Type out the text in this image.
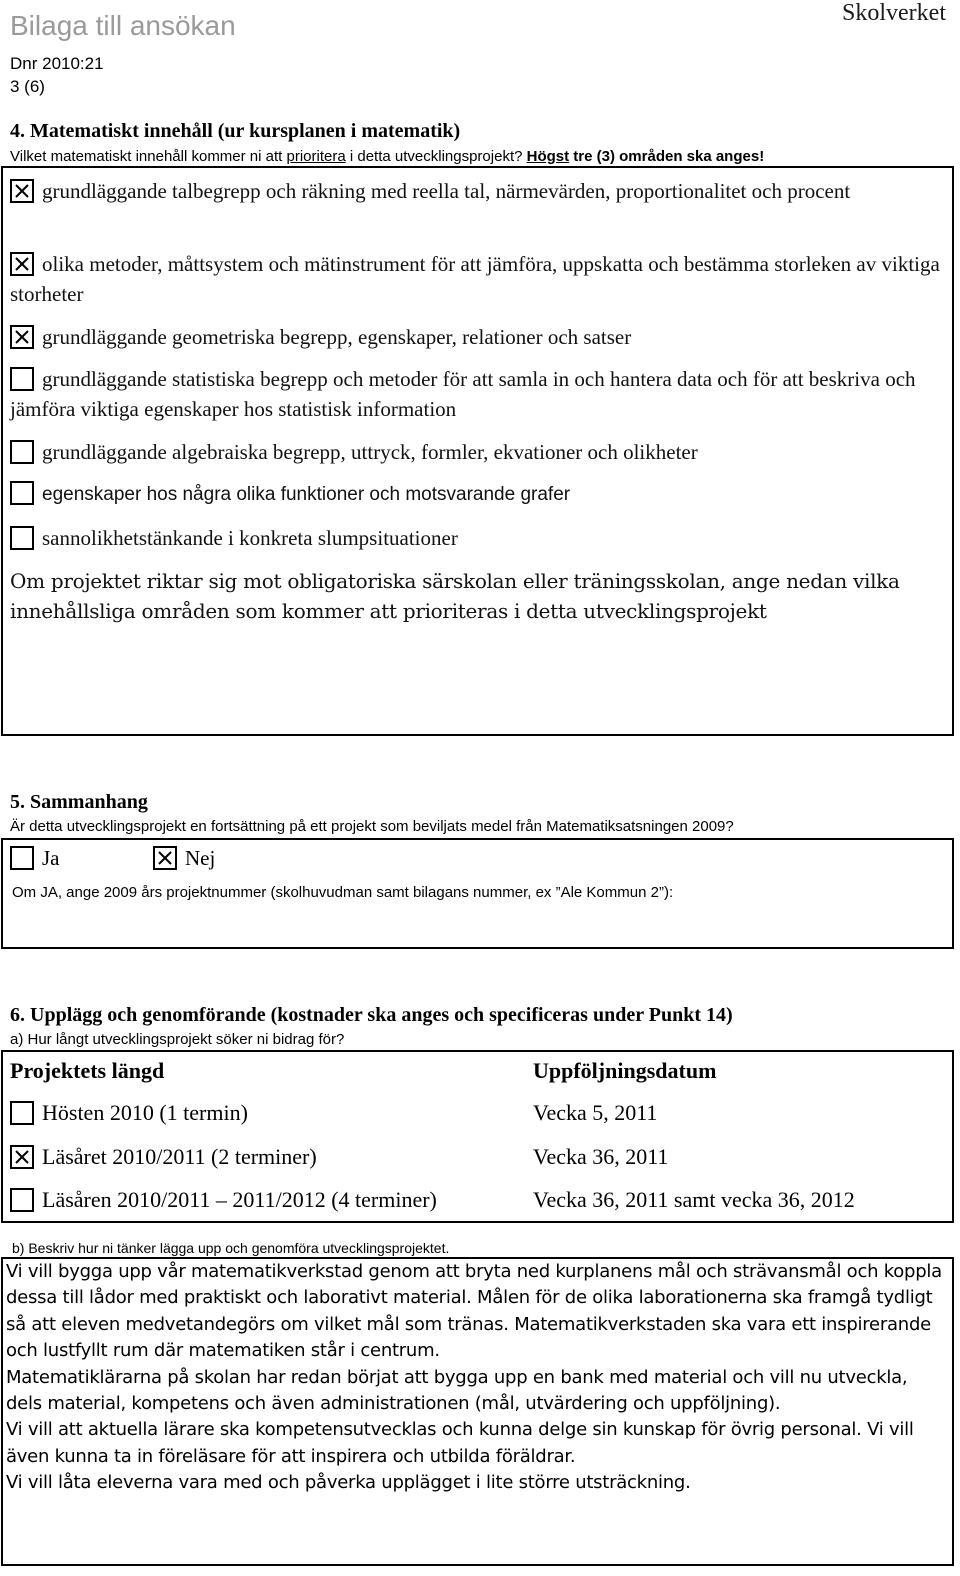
Bilaga till ansökan	Skolverket
Dnr 2010:21
3 (6)
4. Matematiskt innehåll (ur kursplanen i matematik)
Vilket matematiskt innehåll kommer ni att prioritera i detta utvecklingsprojekt? Högst tre (3) områden ska anges!
grundläggande talbegrepp och räkning med reella tal, närmevärden, proportionalitet och procent
olika metoder, måttsystem och mätinstrument för att jämföra, uppskatta och bestämma storleken av viktiga storheter
grundläggande geometriska begrepp, egenskaper, relationer och satser
grundläggande statistiska begrepp och metoder för att samla in och hantera data och för att beskriva och jämföra viktiga egenskaper hos statistisk information
grundläggande algebraiska begrepp, uttryck, formler, ekvationer och olikheter
egenskaper hos några olika funktioner och motsvarande grafer
sannolikhetstänkande i konkreta slumpsituationer
Om projektet riktar sig mot obligatoriska särskolan eller träningsskolan, ange nedan vilka innehållsliga områden som kommer att prioriteras i detta utvecklingsprojekt
5. Sammanhang
Är detta utvecklingsprojekt en fortsättning på ett projekt som beviljats medel från Matematiksatsningen 2009?
Ja	Nej
Om JA, ange 2009 års projektnummer (skolhuvudman samt bilagans nummer, ex ”Ale Kommun 2”):
6. Upplägg och genomförande (kostnader ska anges och specificeras under Punkt 14)
a) Hur långt utvecklingsprojekt söker ni bidrag för?
Projektets längd	Uppföljningsdatum
Hösten 2010 (1 termin)	Vecka 5, 2011
Läsåret 2010/2011 (2 terminer)	Vecka 36, 2011
Läsåren 2010/2011 – 2011/2012 (4 terminer)	Vecka 36, 2011 samt vecka 36, 2012
b) Beskriv hur ni tänker lägga upp och genomföra utvecklingsprojektet.

Vi vill bygga upp vår matematikverkstad genom att bryta ned kurplanens mål och strävansmål och koppla dessa till lådor med praktiskt och laborativt material. Målen för de olika laborationerna ska framgå tydligt så att eleven medvetandegörs om vilket mål som tränas. Matematikverkstaden ska vara ett inspirerande och lustfyllt rum där matematiken står i centrum.

Matematiklärarna på skolan har redan börjat att bygga upp en bank med material och vill nu utveckla, dels material, kompetens och även administrationen (mål, utvärdering och uppföljning).

Vi vill att aktuella lärare ska kompetensutvecklas och kunna delge sin kunskap för övrig personal. Vi vill även kunna ta in föreläsare för att inspirera och utbilda föräldrar.

Vi vill låta eleverna vara med och påverka upplägget i lite större utsträckning.
